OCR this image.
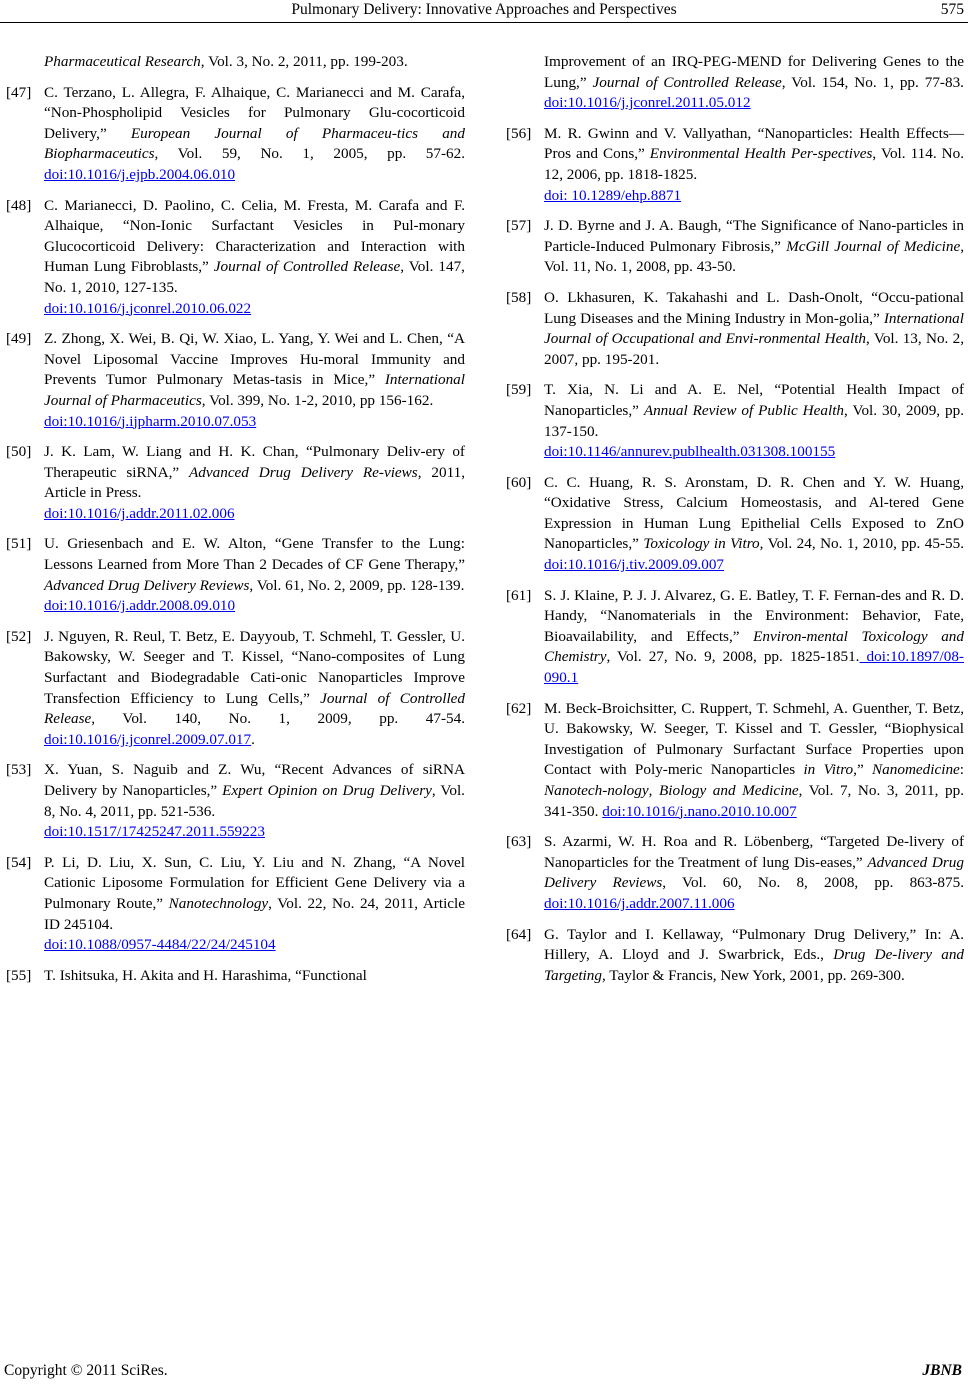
Pulmonary Delivery: Innovative Approaches and Perspectives	575
Pharmaceutical Research, Vol. 3, No. 2, 2011, pp. 199-203.
[47] C. Terzano, L. Allegra, F. Alhaique, C. Marianecci and M. Carafa, “Non-Phospholipid Vesicles for Pulmonary Glu-cocorticoid Delivery,” European Journal of Pharmaceu-tics and Biopharmaceutics, Vol. 59, No. 1, 2005, pp. 57-62. doi:10.1016/j.ejpb.2004.06.010
[48] C. Marianecci, D. Paolino, C. Celia, M. Fresta, M. Carafa and F. Alhaique, “Non-Ionic Surfactant Vesicles in Pul-monary Glucocorticoid Delivery: Characterization and Interaction with Human Lung Fibroblasts,” Journal of Controlled Release, Vol. 147, No. 1, 2010, 127-135.
doi:10.1016/j.jconrel.2010.06.022
[49] Z. Zhong, X. Wei, B. Qi, W. Xiao, L. Yang, Y. Wei and L. Chen, “A Novel Liposomal Vaccine Improves Hu-moral Immunity and Prevents Tumor Pulmonary Metas-tasis in Mice,” International Journal of Pharmaceutics, Vol. 399, No. 1-2, 2010, pp 156-162.
doi:10.1016/j.ijpharm.2010.07.053
[50] J. K. Lam, W. Liang and H. K. Chan, “Pulmonary Deliv-ery of Therapeutic siRNA,” Advanced Drug Delivery Re-views, 2011, Article in Press.
doi:10.1016/j.addr.2011.02.006
[51] U. Griesenbach and E. W. Alton, “Gene Transfer to the Lung: Lessons Learned from More Than 2 Decades of CF Gene Therapy,” Advanced Drug Delivery Reviews, Vol. 61, No. 2, 2009, pp. 128-139.
doi:10.1016/j.addr.2008.09.010
[52] J. Nguyen, R. Reul, T. Betz, E. Dayyoub, T. Schmehl, T. Gessler, U. Bakowsky, W. Seeger and T. Kissel, “Nano-composites of Lung Surfactant and Biodegradable Cati-onic Nanoparticles Improve Transfection Efficiency to Lung Cells,” Journal of Controlled Release, Vol. 140, No. 1, 2009, pp. 47-54. doi:10.1016/j.jconrel.2009.07.017.
[53] X. Yuan, S. Naguib and Z. Wu, “Recent Advances of siRNA Delivery by Nanoparticles,” Expert Opinion on Drug Delivery, Vol. 8, No. 4, 2011, pp. 521-536.
doi:10.1517/17425247.2011.559223
[54] P. Li, D. Liu, X. Sun, C. Liu, Y. Liu and N. Zhang, “A Novel Cationic Liposome Formulation for Efficient Gene Delivery via a Pulmonary Route,” Nanotechnology, Vol. 22, No. 24, 2011, Article ID 245104.
doi:10.1088/0957-4484/22/24/245104
[55] T. Ishitsuka, H. Akita and H. Harashima, “Functional
Improvement of an IRQ-PEG-MEND for Delivering Genes to the Lung,” Journal of Controlled Release, Vol. 154, No. 1, pp. 77-83. doi:10.1016/j.jconrel.2011.05.012
[56] M. R. Gwinn and V. Vallyathan, “Nanoparticles: Health Effects—Pros and Cons,” Environmental Health Per-spectives, Vol. 114. No. 12, 2006, pp. 1818-1825.
doi: 10.1289/ehp.8871
[57] J. D. Byrne and J. A. Baugh, “The Significance of Nano-particles in Particle-Induced Pulmonary Fibrosis,” McGill Journal of Medicine, Vol. 11, No. 1, 2008, pp. 43-50.
[58] O. Lkhasuren, K. Takahashi and L. Dash-Onolt, “Occu-pational Lung Diseases and the Mining Industry in Mon-golia,” International Journal of Occupational and Envi-ronmental Health, Vol. 13, No. 2, 2007, pp. 195-201.
[59] T. Xia, N. Li and A. E. Nel, “Potential Health Impact of Nanoparticles,” Annual Review of Public Health, Vol. 30, 2009, pp. 137-150.
doi:10.1146/annurev.publhealth.031308.100155
[60] C. C. Huang, R. S. Aronstam, D. R. Chen and Y. W. Huang, “Oxidative Stress, Calcium Homeostasis, and Al-tered Gene Expression in Human Lung Epithelial Cells Exposed to ZnO Nanoparticles,” Toxicology in Vitro, Vol. 24, No. 1, 2010, pp. 45-55. doi:10.1016/j.tiv.2009.09.007
[61] S. J. Klaine, P. J. J. Alvarez, G. E. Batley, T. F. Fernan-des and R. D. Handy, “Nanomaterials in the Environment: Behavior, Fate, Bioavailability, and Effects,” Environ-mental Toxicology and Chemistry, Vol. 27, No. 9, 2008, pp. 1825-1851. doi:10.1897/08-090.1
[62] M. Beck-Broichsitter, C. Ruppert, T. Schmehl, A. Guenther, T. Betz, U. Bakowsky, W. Seeger, T. Kissel and T. Gessler, “Biophysical Investigation of Pulmonary Surfactant Surface Properties upon Contact with Poly-meric Nanoparticles in Vitro,” Nanomedicine: Nanotech-nology, Biology and Medicine, Vol. 7, No. 3, 2011, pp. 341-350. doi:10.1016/j.nano.2010.10.007
[63] S. Azarmi, W. H. Roa and R. Löbenberg, “Targeted De-livery of Nanoparticles for the Treatment of lung Dis-eases,” Advanced Drug Delivery Reviews, Vol. 60, No. 8, 2008, pp. 863-875. doi:10.1016/j.addr.2007.11.006
[64] G. Taylor and I. Kellaway, “Pulmonary Drug Delivery,” In: A. Hillery, A. Lloyd and J. Swarbrick, Eds., Drug De-livery and Targeting, Taylor & Francis, New York, 2001, pp. 269-300.
Copyright © 2011 SciRes.	JBNB
